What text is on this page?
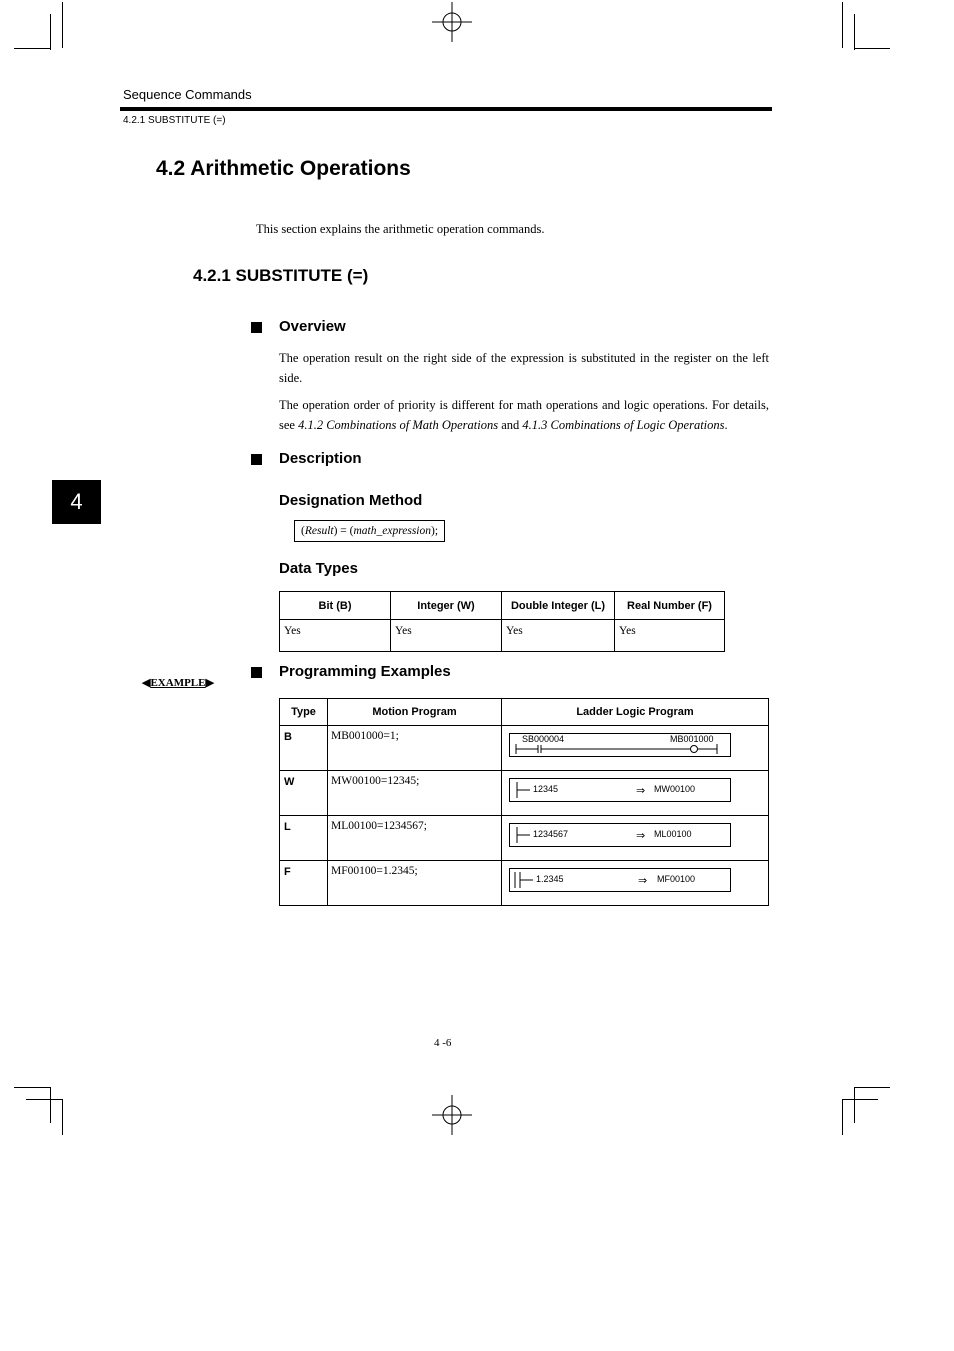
Sequence Commands
4.2.1 SUBSTITUTE (=)
4.2 Arithmetic Operations
This section explains the arithmetic operation commands.
4.2.1 SUBSTITUTE (=)
Overview
The operation result on the right side of the expression is substituted in the register on the left side.
The operation order of priority is different for math operations and logic operations. For details, see 4.1.2 Combinations of Math Operations and 4.1.3 Combinations of Logic Operations.
Description
4	Designation Method
(Result) = (math_expression);
Data Types
Bit (B)	Integer (W)	Double Integer (L)	Real Number (F)
Yes	Yes	Yes	Yes
◀EXAMPLE▶
Programming Examples
Type	Motion Program	Ladder Logic Program
B	MB001000=1;	SB000004 MB001000

W	MW00100=12345;	12345 ⇒ MW00100

L	ML00100=1234567;	1234567 ⇒ ML00100

F	MF00100=1.2345;	1.2345 ⇒ MF00100
4 -6
